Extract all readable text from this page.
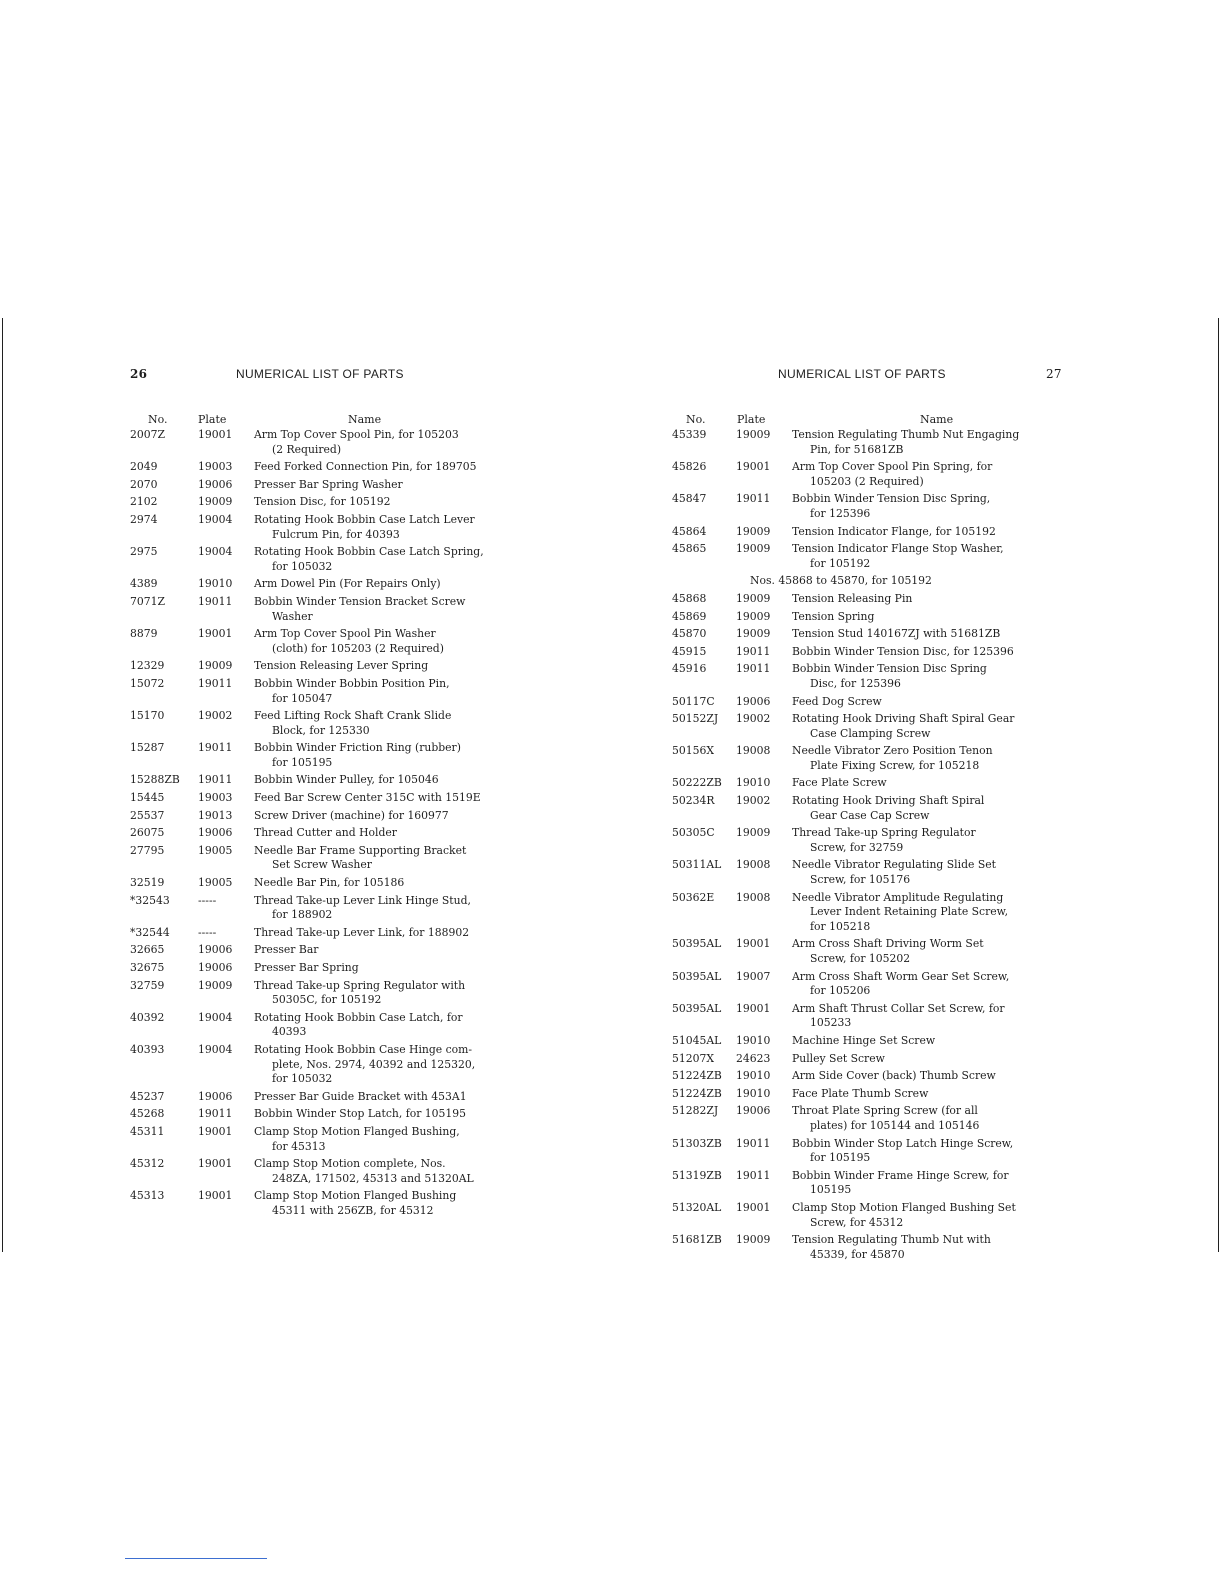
26	NUMERICAL LIST OF PARTS
No.	Plate	Name
2007Z	19001 Arm Top Cover Spool Pin, for 105203
(2 Required)
2049	19003 Feed Forked Connection Pin, for 189705
2070	19006 Presser Bar Spring Washer
2102	19009 Tension Disc, for 105192
2974	19004 Rotating Hook Bobbin Case Latch Lever
Fulcrum Pin, for 40393
2975	19004 Rotating Hook Bobbin Case Latch Spring,
for 105032
4389	19010 Arm Dowel Pin (For Repairs Only)
7071Z	19011 Bobbin Winder Tension Bracket Screw
Washer
8879	19001 Arm Top Cover Spool Pin Washer
(cloth) for 105203 (2 Required)
12329	19009 Tension Releasing Lever Spring
15072	19011 Bobbin Winder Bobbin Position Pin,
for 105047
15170	19002 Feed Lifting Rock Shaft Crank Slide
Block, for 125330
15287	19011 Bobbin Winder Friction Ring (rubber)
for 105195
15288ZB 19011 Bobbin Winder Pulley, for 105046
15445	19003 Feed Bar Screw Center 315C with 1519E
25537	19013 Screw Driver (machine) for 160977
26075	19006 Thread Cutter and Holder
27795	19005 Needle Bar Frame Supporting Bracket
Set Screw Washer
32519	19005 Needle Bar Pin, for 105186
*32543	-----	Thread Take-up Lever Link Hinge Stud,
for 188902
*32544	-----	Thread Take-up Lever Link, for 188902
32665	19006 Presser Bar
32675	19006 Presser Bar Spring
32759	19009 Thread Take-up Spring Regulator with
50305C, for 105192
40392	19004 Rotating Hook Bobbin Case Latch, for
40393
40393	19004 Rotating Hook Bobbin Case Hinge com-
plete, Nos. 2974, 40392 and 125320,
for 105032
45237	19006 Presser Bar Guide Bracket with 453A1
45268	19011 Bobbin Winder Stop Latch, for 105195
45311	19001 Clamp Stop Motion Flanged Bushing,
for 45313
45312	19001 Clamp Stop Motion complete, Nos.
248ZA, 171502, 45313 and 51320AL
45313	19001 Clamp Stop Motion Flanged Bushing
45311 with 256ZB, for 45312
NUMERICAL LIST OF PARTS	27
No.	Plate	Name
45339	19009 Tension Regulating Thumb Nut Engaging
Pin, for 51681ZB
45826	19001 Arm Top Cover Spool Pin Spring, for
105203 (2 Required)
45847	19011 Bobbin Winder Tension Disc Spring,
for 125396
45864	19009 Tension Indicator Flange, for 105192
45865	19009 Tension Indicator Flange Stop Washer,
for 105192
Nos. 45868 to 45870, for 105192
45868	19009 Tension Releasing Pin
45869	19009 Tension Spring
45870	19009 Tension Stud 140167ZJ with 51681ZB
45915	19011 Bobbin Winder Tension Disc, for 125396
45916	19011 Bobbin Winder Tension Disc Spring
Disc, for 125396
50117C 19006 Feed Dog Screw
50152ZJ 19002 Rotating Hook Driving Shaft Spiral Gear
Case Clamping Screw
50156X 19008 Needle Vibrator Zero Position Tenon
Plate Fixing Screw, for 105218
50222ZB 19010 Face Plate Screw
50234R 19002 Rotating Hook Driving Shaft Spiral
Gear Case Cap Screw
50305C 19009 Thread Take-up Spring Regulator
Screw, for 32759
50311AL 19008 Needle Vibrator Regulating Slide Set
Screw, for 105176
50362E 19008 Needle Vibrator Amplitude Regulating
Lever Indent Retaining Plate Screw,
for 105218
50395AL 19001 Arm Cross Shaft Driving Worm Set
Screw, for 105202
50395AL 19007 Arm Cross Shaft Worm Gear Set Screw,
for 105206
50395AL 19001 Arm Shaft Thrust Collar Set Screw, for
105233
51045AL 19010 Machine Hinge Set Screw
51207X 24623 Pulley Set Screw
51224ZB 19010 Arm Side Cover (back) Thumb Screw
51224ZB 19010 Face Plate Thumb Screw
51282ZJ 19006 Throat Plate Spring Screw (for all
plates) for 105144 and 105146
51303ZB 19011 Bobbin Winder Stop Latch Hinge Screw,
for 105195
51319ZB 19011 Bobbin Winder Frame Hinge Screw, for
105195
51320AL 19001 Clamp Stop Motion Flanged Bushing Set
Screw, for 45312
51681ZB 19009 Tension Regulating Thumb Nut with
45339, for 45870
